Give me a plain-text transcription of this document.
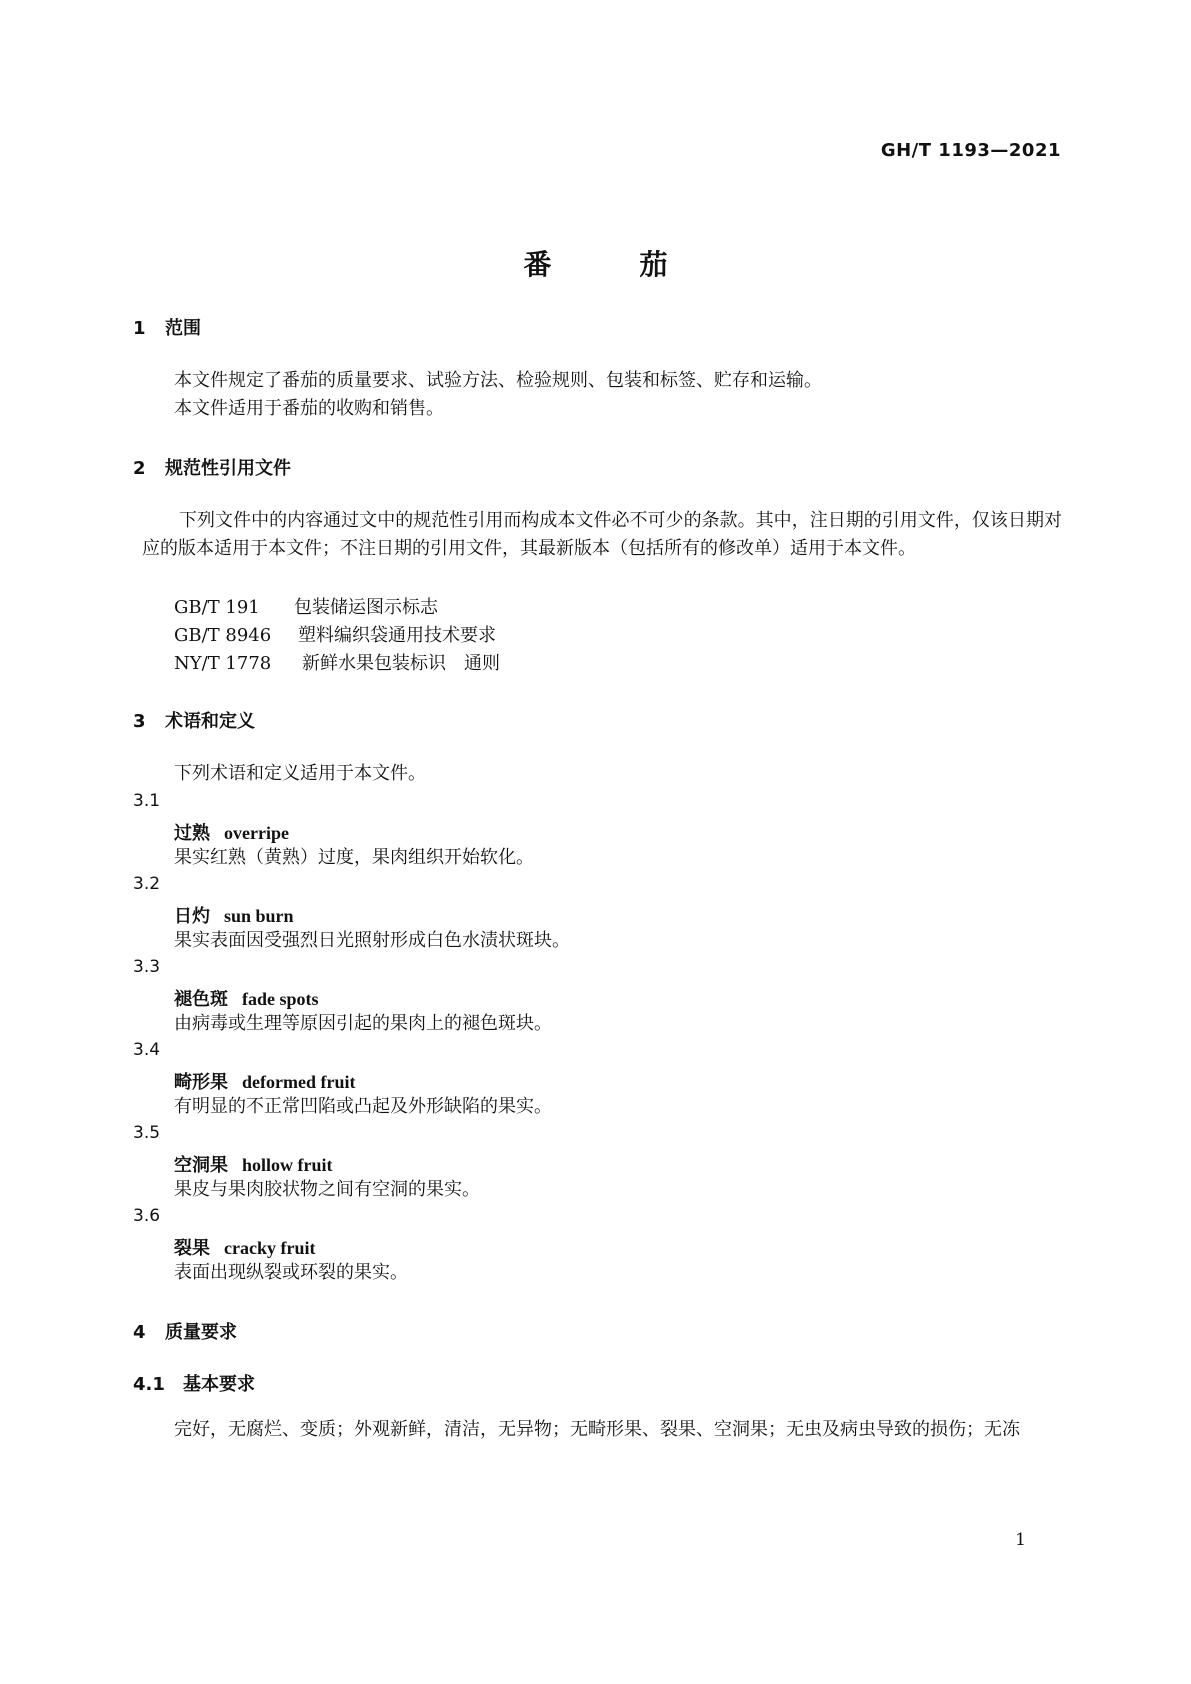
GH/T 1193—2021
番	茄
1 范围
本文件规定了番茄的质量要求、试验方法、检验规则、包装和标签、贮存和运输。
本文件适用于番茄的收购和销售。
2 规范性引用文件
下列文件中的内容通过文中的规范性引用而构成本文件必不可少的条款。其中，注日期的引用文件，仅该日期对应的版本适用于本文件；不注日期的引用文件，其最新版本（包括所有的修改单）适用于本文件。
GB/T 191 包装储运图示标志
GB/T 8946 塑料编织袋通用技术要求
NY/T 1778 新鲜水果包装标识　通则
3 术语和定义
下列术语和定义适用于本文件。
3.1
过熟 overripe
果实红熟（黄熟）过度，果肉组织开始软化。
3.2
日灼 sun burn
果实表面因受强烈日光照射形成白色水渍状斑块。
3.3
褪色斑 fade spots
由病毒或生理等原因引起的果肉上的褪色斑块。
3.4
畸形果 deformed fruit
有明显的不正常凹陷或凸起及外形缺陷的果实。
3.5
空洞果 hollow fruit
果皮与果肉胶状物之间有空洞的果实。
3.6
裂果 cracky fruit
表面出现纵裂或环裂的果实。
4 质量要求
4.1 基本要求
完好，无腐烂、变质；外观新鲜，清洁，无异物；无畸形果、裂果、空洞果；无虫及病虫导致的损伤；无冻
1
